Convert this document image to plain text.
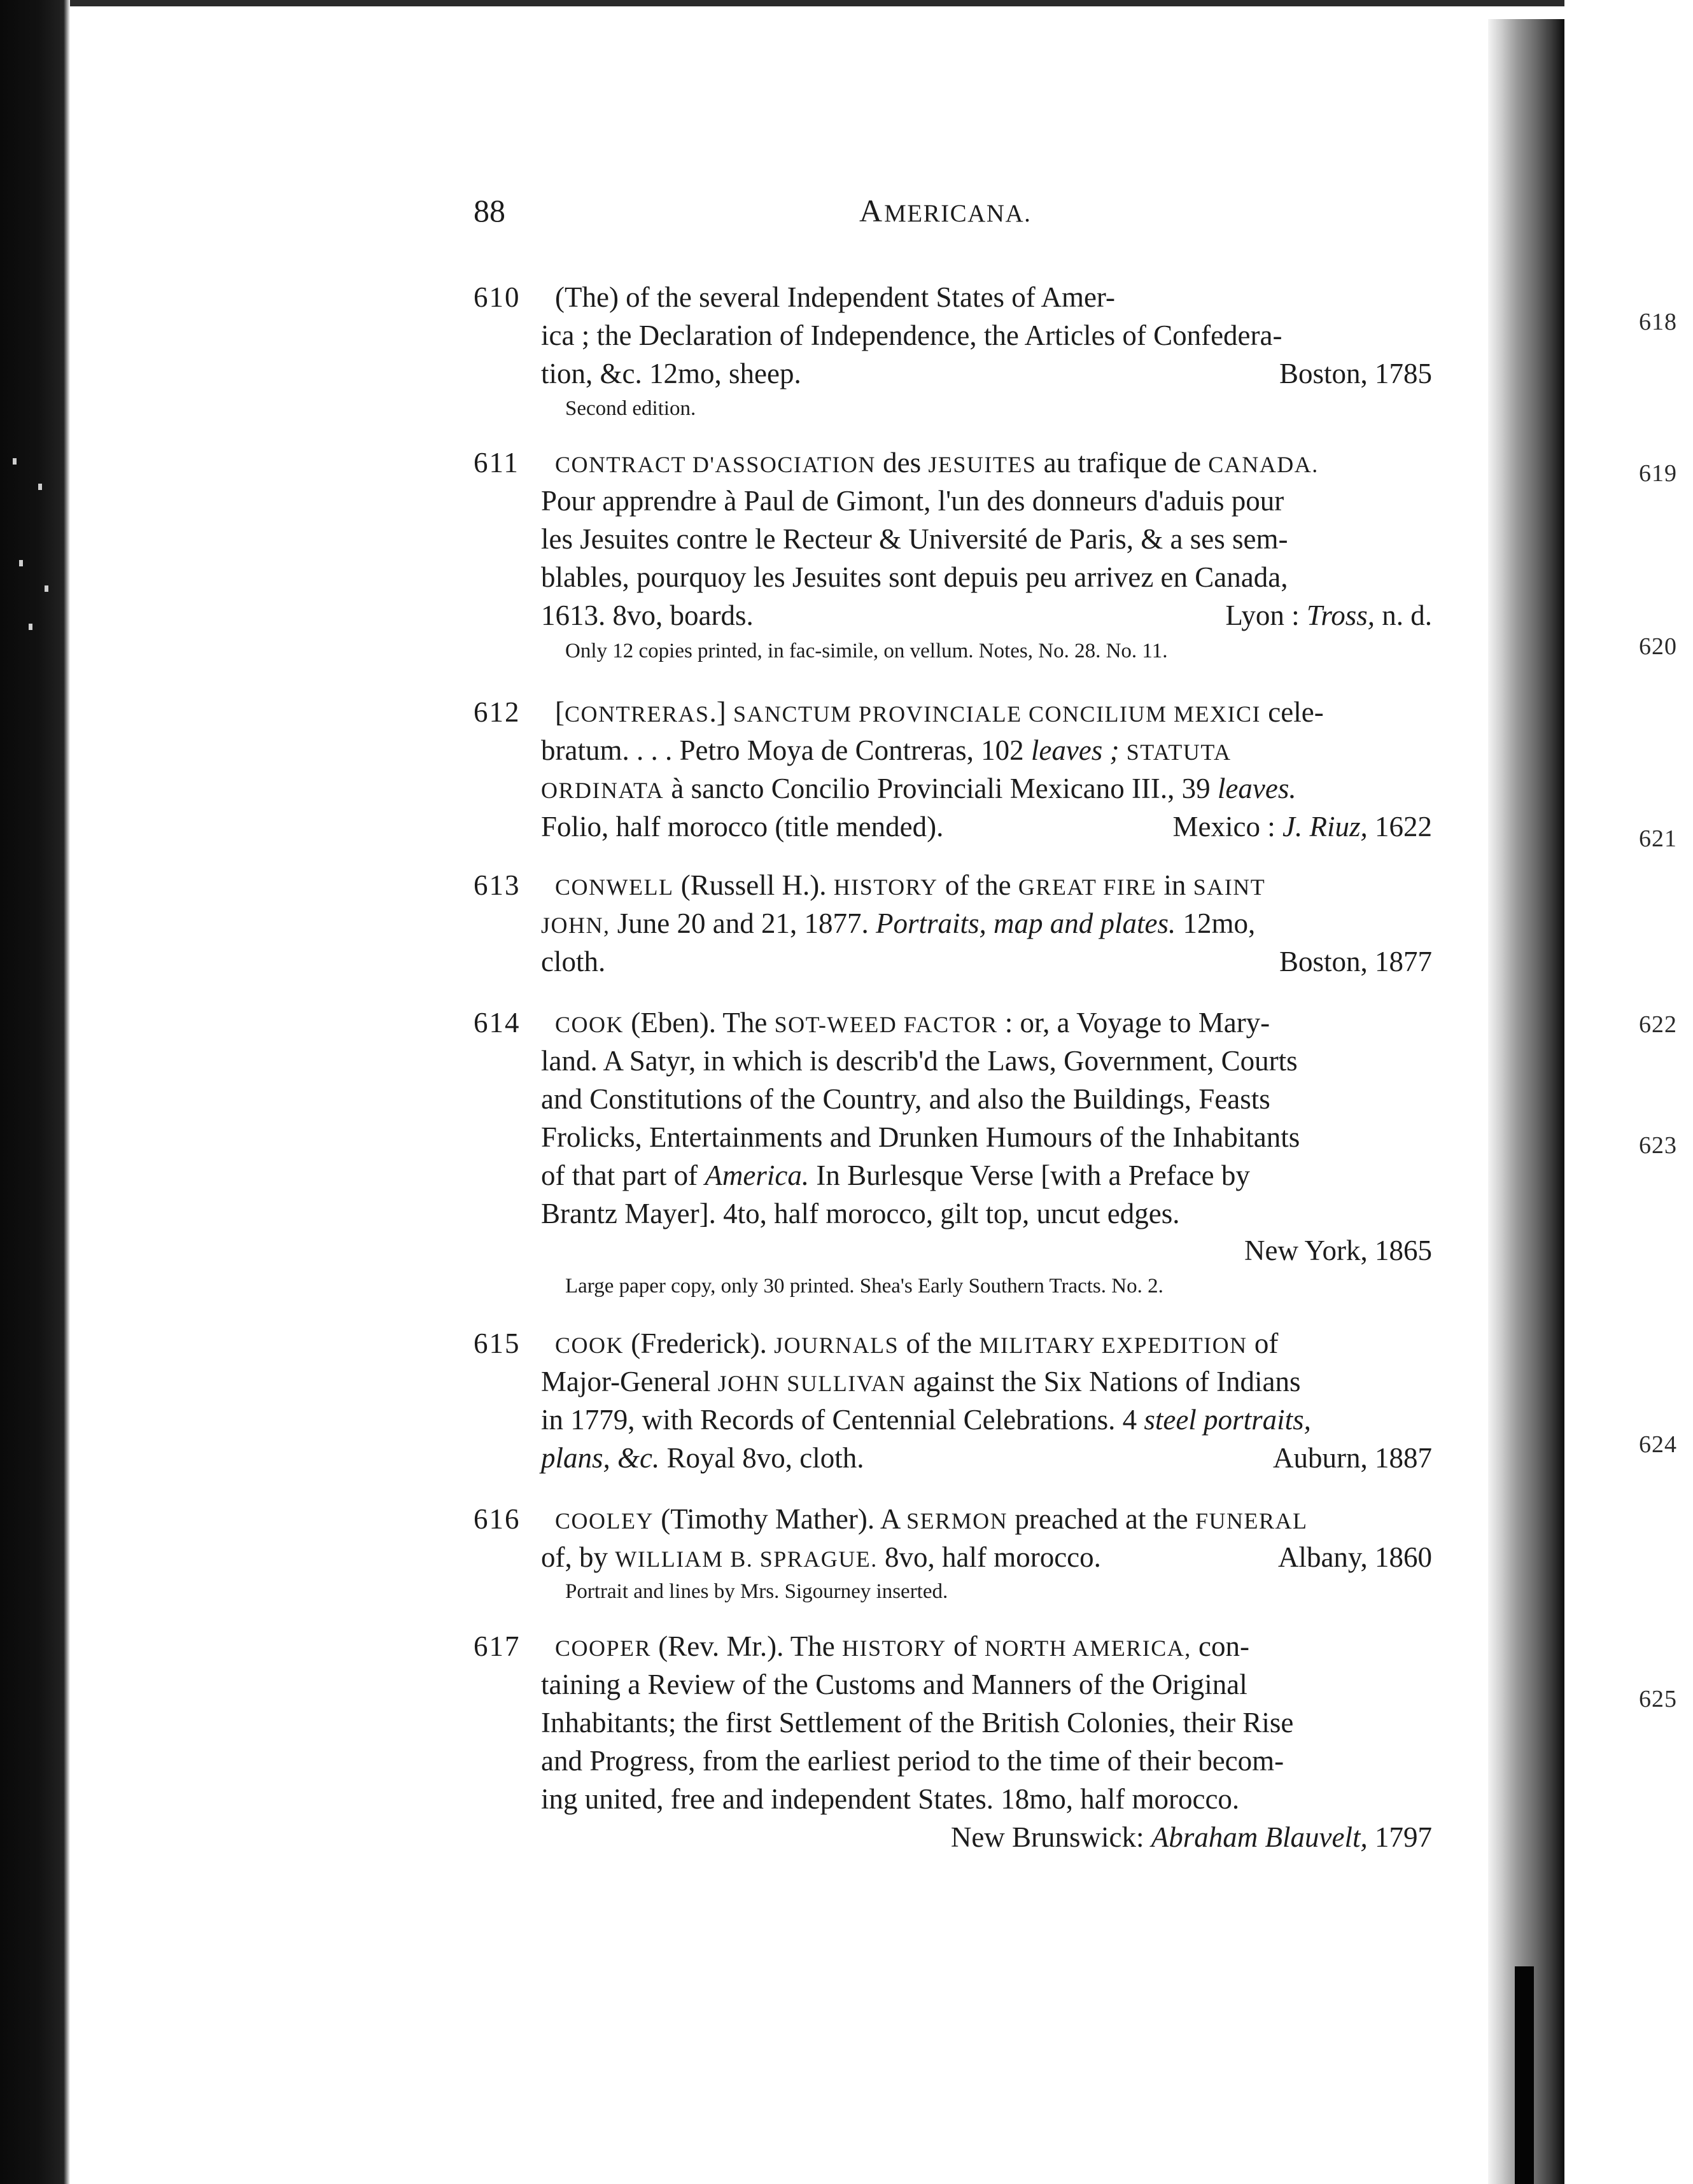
618
619
620
621
622
623
624
625
88	AMERICANA.
610 (The) of the several Independent States of Amer-
ica ; the Declaration of Independence, the Articles of Confedera-
tion, &c. 12mo, sheep.	Boston, 1785
Second edition.
611 CONTRACT D'ASSOCIATION des JESUITES au trafique de CANADA.
Pour apprendre à Paul de Gimont, l'un des donneurs d'aduis pour
les Jesuites contre le Recteur & Université de Paris, & a ses sem-
blables, pourquoy les Jesuites sont depuis peu arrivez en Canada,
1613. 8vo, boards.	Lyon : Tross, n. d.
Only 12 copies printed, in fac-simile, on vellum. Notes, No. 28. No. 11.
612 [CONTRERAS.] SANCTUM PROVINCIALE CONCILIUM MEXICI cele-
bratum. . . . Petro Moya de Contreras, 102 leaves ; STATUTA
ORDINATA à sancto Concilio Provinciali Mexicano III., 39 leaves.
Folio, half morocco (title mended).	Mexico : J. Riuz, 1622
613 CONWELL (Russell H.). HISTORY of the GREAT FIRE in SAINT
JOHN, June 20 and 21, 1877. Portraits, map and plates. 12mo,
cloth.	Boston, 1877
614 COOK (Eben). The SOT-WEED FACTOR : or, a Voyage to Mary-
land. A Satyr, in which is describ'd the Laws, Government, Courts
and Constitutions of the Country, and also the Buildings, Feasts
Frolicks, Entertainments and Drunken Humours of the Inhabitants
of that part of America. In Burlesque Verse [with a Preface by
Brantz Mayer]. 4to, half morocco, gilt top, uncut edges.
New York, 1865
Large paper copy, only 30 printed. Shea's Early Southern Tracts. No. 2.
615 COOK (Frederick). JOURNALS of the MILITARY EXPEDITION of
Major-General JOHN SULLIVAN against the Six Nations of Indians
in 1779, with Records of Centennial Celebrations. 4 steel portraits,
plans, &c. Royal 8vo, cloth.	Auburn, 1887
616 COOLEY (Timothy Mather). A SERMON preached at the FUNERAL
of, by WILLIAM B. SPRAGUE. 8vo, half morocco.	Albany, 1860
Portrait and lines by Mrs. Sigourney inserted.
617 COOPER (Rev. Mr.). The HISTORY of NORTH AMERICA, con-
taining a Review of the Customs and Manners of the Original
Inhabitants; the first Settlement of the British Colonies, their Rise
and Progress, from the earliest period to the time of their becom-
ing united, free and independent States. 18mo, half morocco.
New Brunswick: Abraham Blauvelt, 1797
